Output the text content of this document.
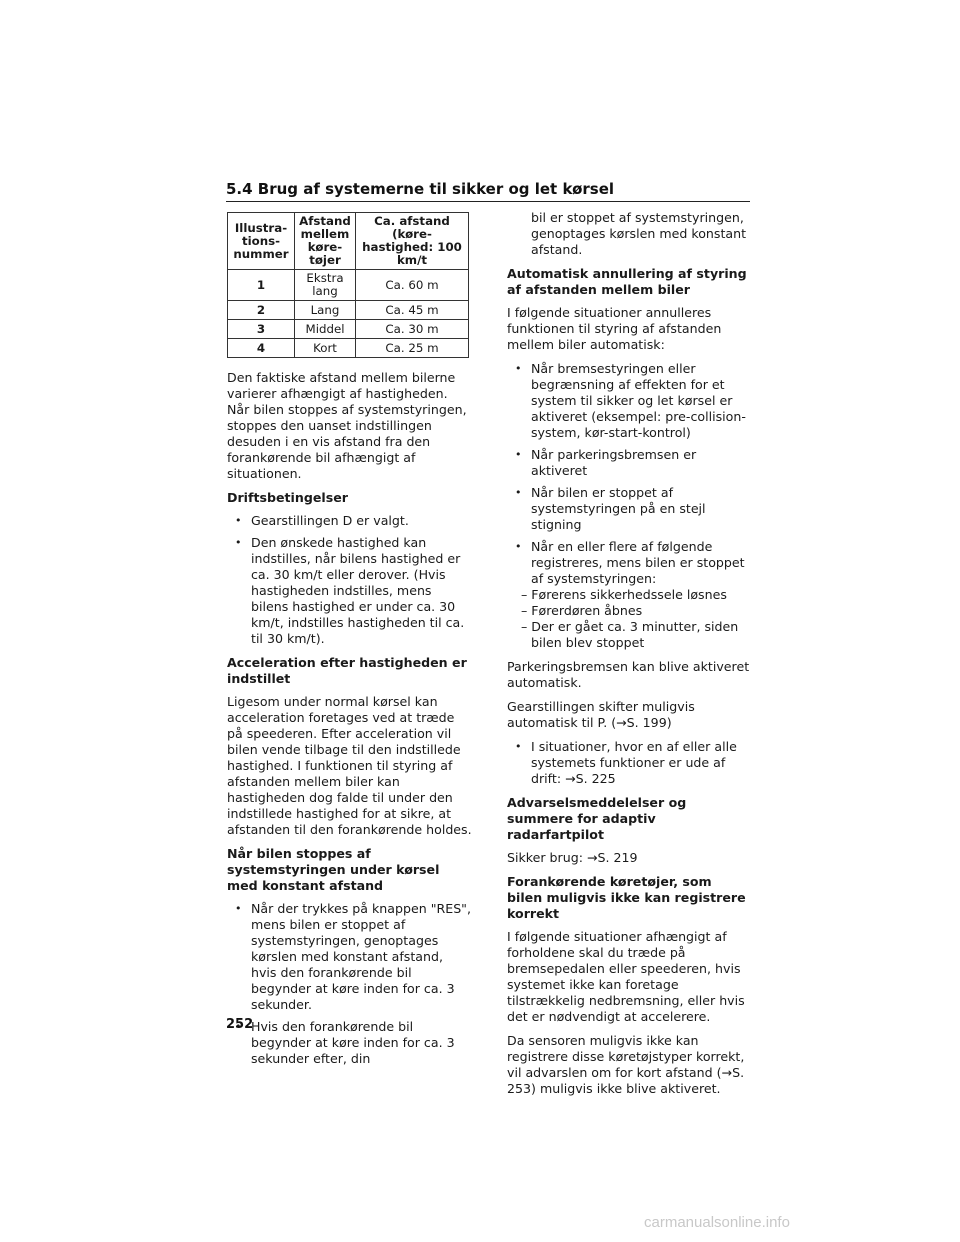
5.4 Brug af systemerne til sikker og let kørsel
Illustra-tions-nummer	Afstand mellem køre-tøjer	Ca. afstand (køre-hastighed: 100 km/t
1	Ekstra lang	Ca. 60 m
2	Lang	Ca. 45 m
3	Middel	Ca. 30 m
4	Kort	Ca. 25 m

Den faktiske afstand mellem bilerne varierer afhængigt af hastigheden. Når bilen stoppes af systemstyringen, stoppes den uanset indstillingen desuden i en vis afstand fra den forankørende bil afhængigt af situationen.

Driftsbetingelser

• Gearstillingen D er valgt.
• Den ønskede hastighed kan indstilles, når bilens hastighed er ca. 30 km/t eller derover. (Hvis hastigheden indstilles, mens bilens hastighed er under ca. 30 km/t, indstilles hastigheden til ca. til 30 km/t).

Acceleration efter hastigheden er indstillet

Ligesom under normal kørsel kan acceleration foretages ved at træde på speederen. Efter acceleration vil bilen vende tilbage til den indstillede hastighed. I funktionen til styring af afstanden mellem biler kan hastigheden dog falde til under den indstillede hastighed for at sikre, at afstanden til den forankørende holdes.

Når bilen stoppes af systemstyringen under kørsel med konstant afstand

• Når der trykkes på knappen "RES", mens bilen er stoppet af systemstyringen, genoptages kørslen med konstant afstand, hvis den forankørende bil begynder at køre inden for ca. 3 sekunder.
• Hvis den forankørende bil begynder at køre inden for ca. 3 sekunder efter, din

bil er stoppet af systemstyringen, genoptages kørslen med konstant afstand.

Automatisk annullering af styring af afstanden mellem biler

I følgende situationer annulleres funktionen til styring af afstanden mellem biler automatisk:

• Når bremsestyringen eller begrænsning af effekten for et system til sikker og let kørsel er aktiveret (eksempel: pre-collision-system, kør-start-kontrol)
• Når parkeringsbremsen er aktiveret
• Når bilen er stoppet af systemstyringen på en stejl stigning
• Når en eller flere af følgende registreres, mens bilen er stoppet af systemstyringen:
– Førerens sikkerhedssele løsnes
– Førerdøren åbnes
– Der er gået ca. 3 minutter, siden bilen blev stoppet

Parkeringsbremsen kan blive aktiveret automatisk.

Gearstillingen skifter muligvis automatisk til P. (→S. 199)

• I situationer, hvor en af eller alle systemets funktioner er ude af drift: →S. 225

Advarselsmeddelelser og summere for adaptiv radarfartpilot

Sikker brug: →S. 219

Forankørende køretøjer, som bilen muligvis ikke kan registrere korrekt

I følgende situationer afhængigt af forholdene skal du træde på bremsepedalen eller speederen, hvis systemet ikke kan foretage tilstrækkelig nedbremsning, eller hvis det er nødvendigt at accelerere.

Da sensoren muligvis ikke kan registrere disse køretøjstyper korrekt, vil advarslen om for kort afstand (→S. 253) muligvis ikke blive aktiveret.

252
carmanualsonline.info
